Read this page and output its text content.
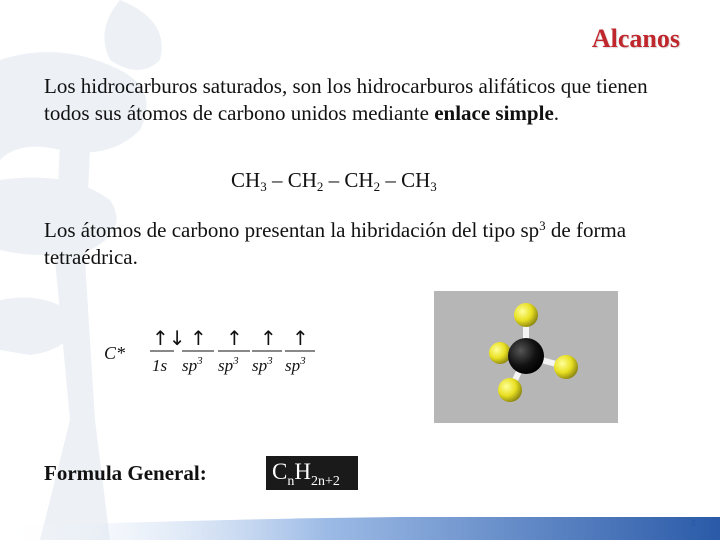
Alcanos
Los hidrocarburos saturados, son los hidrocarburos alifáticos que tienen todos sus átomos de carbono unidos mediante enlace simple.
$CH_3 - CH_2 - CH_2 - CH_3$
Los átomos de carbono presentan la hibridación del tipo $sp^3$ de forma tetraédrica.
C*
↑↓
1s
↑
$sp^3$
↑
$sp^3$
↑
$sp^3$
↑
$sp^3$
Formula General:	$C_nH_{2n+2}$
4
